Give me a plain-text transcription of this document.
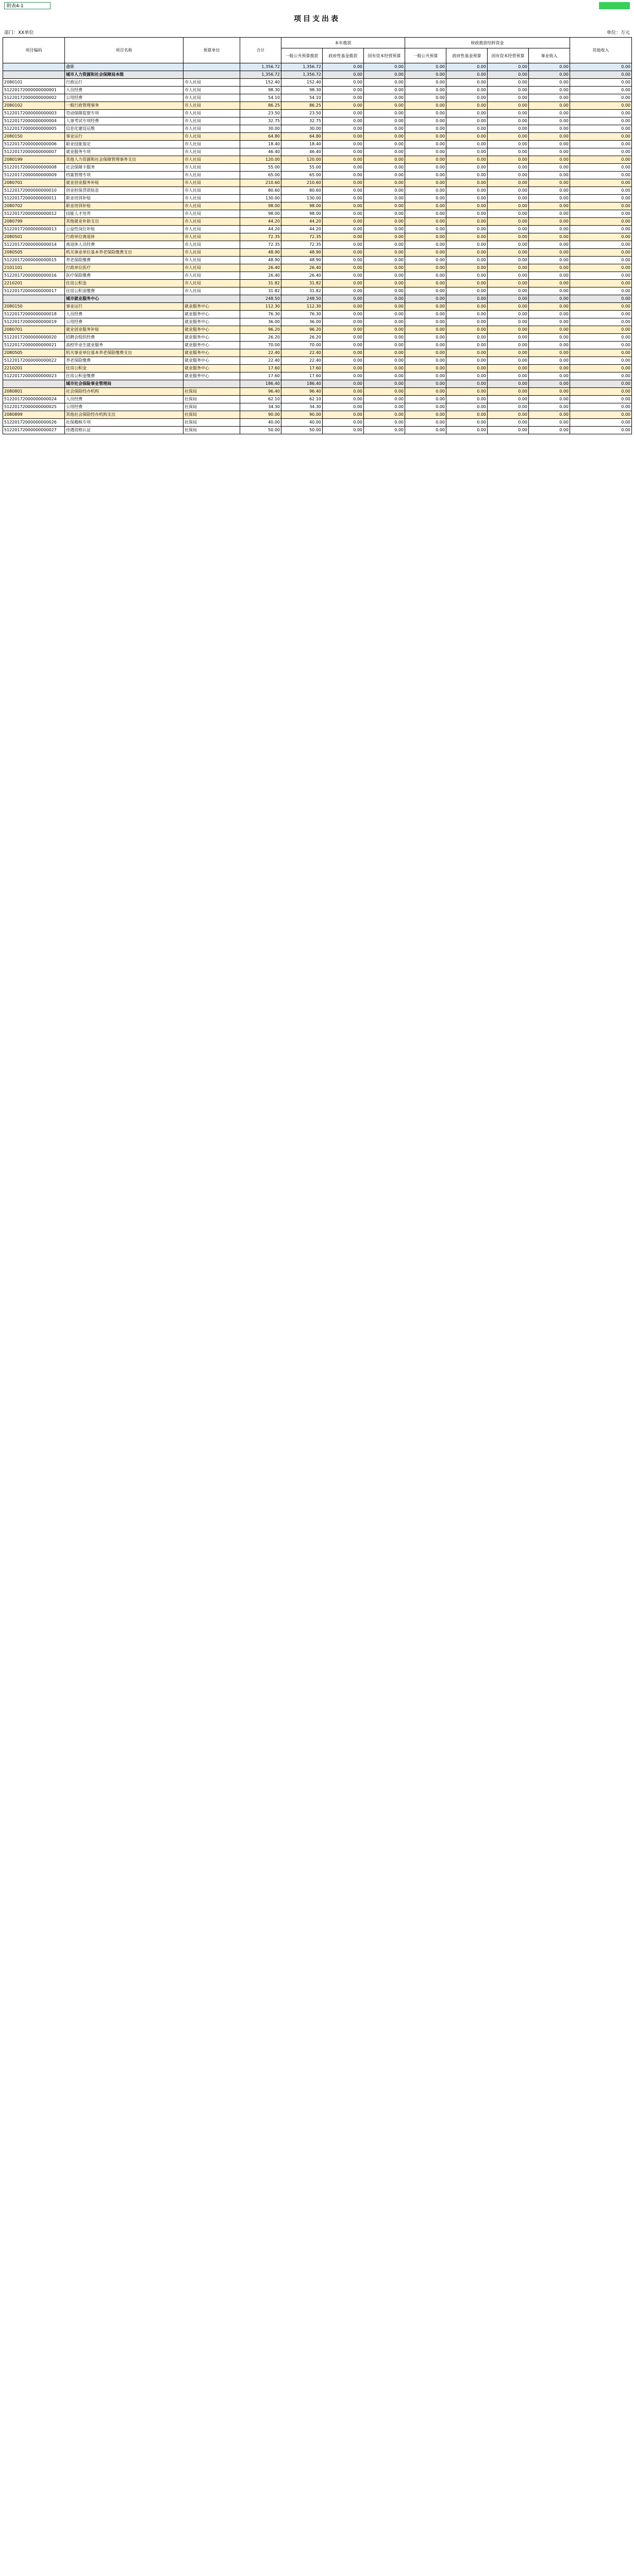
附表4-1
项目支出表
部门：XX单位	单位：万元
项目编码	项目名称	预算单位	合计	本年拨款			财政拨款结转资金				其他收入
				一般公共预算拨款	政府性基金拨款	国有资本经营预算	一般公共预算	政府性基金预算	国有资本经营预算	事业收入	
	合计		1,356.72	1,356.72	0.00	0.00	0.00	0.00	0.00	0.00	0.00
	城市人力资源和社会保障局本级		1,356.72	1,356.72	0.00	0.00	0.00	0.00	0.00	0.00	0.00
2080101	行政运行	市人社局	152.40	152.40	0.00	0.00	0.00	0.00	0.00	0.00	0.00
51220172000000000001	人员经费	市人社局	98.30	98.30	0.00	0.00	0.00	0.00	0.00	0.00	0.00
51220172000000000002	公用经费	市人社局	54.10	54.10	0.00	0.00	0.00	0.00	0.00	0.00	0.00
2080102	一般行政管理事务	市人社局	86.25	86.25	0.00	0.00	0.00	0.00	0.00	0.00	0.00
51220172000000000003	劳动保障监察专项	市人社局	23.50	23.50	0.00	0.00	0.00	0.00	0.00	0.00	0.00
51220172000000000004	人事考试专项经费	市人社局	32.75	32.75	0.00	0.00	0.00	0.00	0.00	0.00	0.00
51220172000000000005	信息化建设运维	市人社局	30.00	30.00	0.00	0.00	0.00	0.00	0.00	0.00	0.00
2080150	事业运行	市人社局	64.80	64.80	0.00	0.00	0.00	0.00	0.00	0.00	0.00
51220172000000000006	职业技能鉴定	市人社局	18.40	18.40	0.00	0.00	0.00	0.00	0.00	0.00	0.00
51220172000000000007	就业服务专项	市人社局	46.40	46.40	0.00	0.00	0.00	0.00	0.00	0.00	0.00
2080199	其他人力资源和社会保障管理事务支出	市人社局	120.00	120.00	0.00	0.00	0.00	0.00	0.00	0.00	0.00
51220172000000000008	社会保障卡服务	市人社局	55.00	55.00	0.00	0.00	0.00	0.00	0.00	0.00	0.00
51220172000000000009	档案管理专项	市人社局	65.00	65.00	0.00	0.00	0.00	0.00	0.00	0.00	0.00
2080701	就业创业服务补贴	市人社局	210.60	210.60	0.00	0.00	0.00	0.00	0.00	0.00	0.00
51220172000000000010	创业担保贷款贴息	市人社局	80.60	80.60	0.00	0.00	0.00	0.00	0.00	0.00	0.00
51220172000000000011	职业培训补贴	市人社局	130.00	130.00	0.00	0.00	0.00	0.00	0.00	0.00	0.00
2080702	职业培训补贴	市人社局	98.00	98.00	0.00	0.00	0.00	0.00	0.00	0.00	0.00
51220172000000000012	技能人才培养	市人社局	98.00	98.00	0.00	0.00	0.00	0.00	0.00	0.00	0.00
2080799	其他就业补助支出	市人社局	44.20	44.20	0.00	0.00	0.00	0.00	0.00	0.00	0.00
51220172000000000013	公益性岗位补贴	市人社局	44.20	44.20	0.00	0.00	0.00	0.00	0.00	0.00	0.00
2080501	行政单位离退休	市人社局	72.35	72.35	0.00	0.00	0.00	0.00	0.00	0.00	0.00
51220172000000000014	离退休人员经费	市人社局	72.35	72.35	0.00	0.00	0.00	0.00	0.00	0.00	0.00
2080505	机关事业单位基本养老保险缴费支出	市人社局	48.90	48.90	0.00	0.00	0.00	0.00	0.00	0.00	0.00
51220172000000000015	养老保险缴费	市人社局	48.90	48.90	0.00	0.00	0.00	0.00	0.00	0.00	0.00
2101101	行政单位医疗	市人社局	26.40	26.40	0.00	0.00	0.00	0.00	0.00	0.00	0.00
51220172000000000016	医疗保险缴费	市人社局	26.40	26.40	0.00	0.00	0.00	0.00	0.00	0.00	0.00
2210201	住房公积金	市人社局	31.82	31.82	0.00	0.00	0.00	0.00	0.00	0.00	0.00
51220172000000000017	住房公积金缴费	市人社局	31.82	31.82	0.00	0.00	0.00	0.00	0.00	0.00	0.00
	城市就业服务中心		248.50	248.50	0.00	0.00	0.00	0.00	0.00	0.00	0.00
2080150	事业运行	就业服务中心	112.30	112.30	0.00	0.00	0.00	0.00	0.00	0.00	0.00
51220172000000000018	人员经费	就业服务中心	76.30	76.30	0.00	0.00	0.00	0.00	0.00	0.00	0.00
51220172000000000019	公用经费	就业服务中心	36.00	36.00	0.00	0.00	0.00	0.00	0.00	0.00	0.00
2080701	就业创业服务补贴	就业服务中心	96.20	96.20	0.00	0.00	0.00	0.00	0.00	0.00	0.00
51220172000000000020	招聘会组织经费	就业服务中心	26.20	26.20	0.00	0.00	0.00	0.00	0.00	0.00	0.00
51220172000000000021	高校毕业生就业服务	就业服务中心	70.00	70.00	0.00	0.00	0.00	0.00	0.00	0.00	0.00
2080505	机关事业单位基本养老保险缴费支出	就业服务中心	22.40	22.40	0.00	0.00	0.00	0.00	0.00	0.00	0.00
51220172000000000022	养老保险缴费	就业服务中心	22.40	22.40	0.00	0.00	0.00	0.00	0.00	0.00	0.00
2210201	住房公积金	就业服务中心	17.60	17.60	0.00	0.00	0.00	0.00	0.00	0.00	0.00
51220172000000000023	住房公积金缴费	就业服务中心	17.60	17.60	0.00	0.00	0.00	0.00	0.00	0.00	0.00
	城市社会保险事业管理局		186.40	186.40	0.00	0.00	0.00	0.00	0.00	0.00	0.00
2080801	社会保险经办机构	社保局	96.40	96.40	0.00	0.00	0.00	0.00	0.00	0.00	0.00
51220172000000000024	人员经费	社保局	62.10	62.10	0.00	0.00	0.00	0.00	0.00	0.00	0.00
51220172000000000025	公用经费	社保局	34.30	34.30	0.00	0.00	0.00	0.00	0.00	0.00	0.00
2080899	其他社会保险经办机构支出	社保局	90.00	90.00	0.00	0.00	0.00	0.00	0.00	0.00	0.00
51220172000000000026	社保稽核专项	社保局	40.00	40.00	0.00	0.00	0.00	0.00	0.00	0.00	0.00
51220172000000000027	待遇资格认证	社保局	50.00	50.00	0.00	0.00	0.00	0.00	0.00	0.00	0.00
